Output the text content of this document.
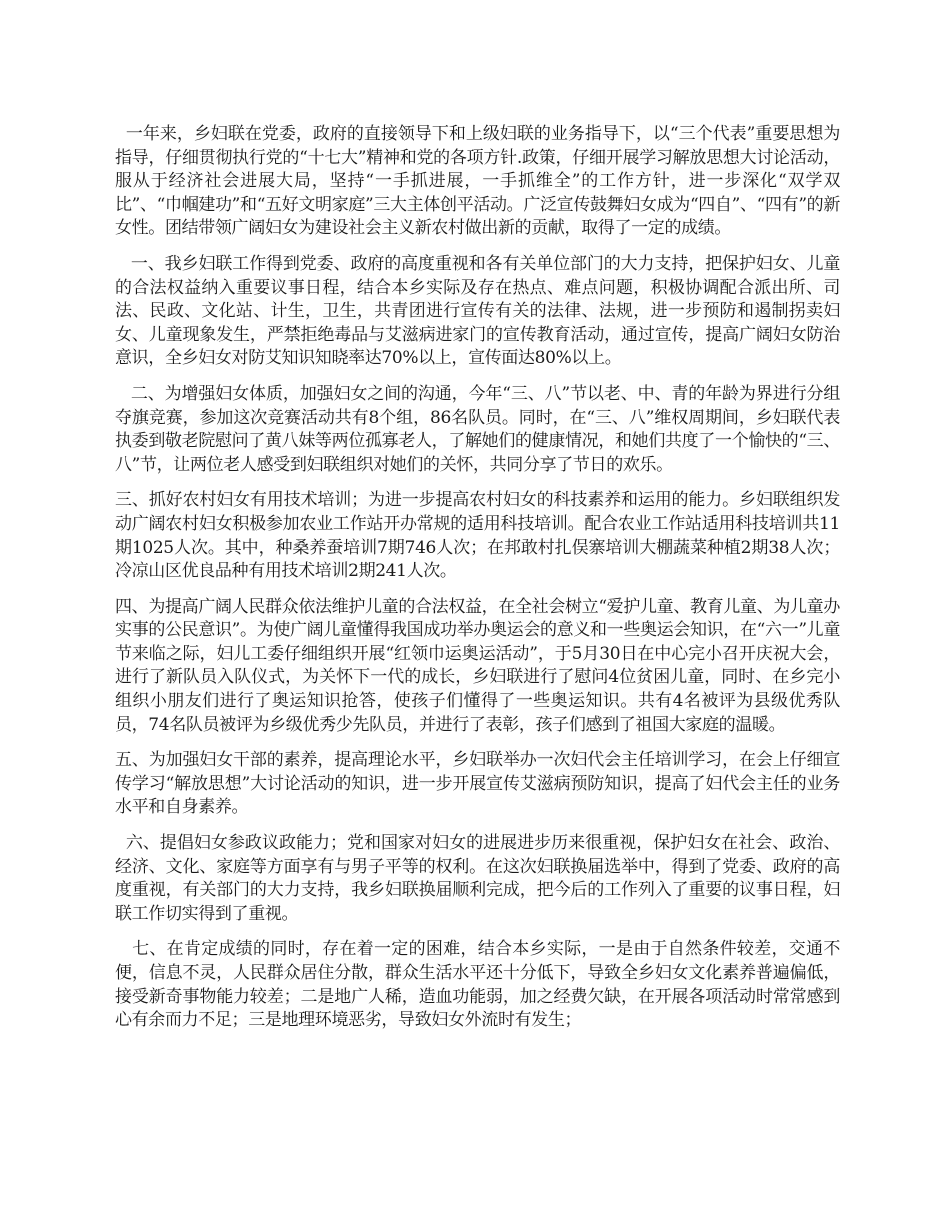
一年来，乡妇联在党委，政府的直接领导下和上级妇联的业务指导下，以“三个代表”重要思想为指导，仔细贯彻执行党的“十七大”精神和党的各项方针.政策，仔细开展学习解放思想大讨论活动，服从于经济社会进展大局，坚持“一手抓进展，一手抓维全”的工作方针，进一步深化“双学双比”、“巾帼建功”和“五好文明家庭”三大主体创平活动。广泛宣传鼓舞妇女成为“四自”、“四有”的新女性。团结带领广阔妇女为建设社会主义新农村做出新的贡献，取得了一定的成绩。

一、我乡妇联工作得到党委、政府的高度重视和各有关单位部门的大力支持，把保护妇女、儿童的合法权益纳入重要议事日程，结合本乡实际及存在热点、难点问题，积极协调配合派出所、司法、民政、文化站、计生，卫生，共青团进行宣传有关的法律、法规，进一步预防和遏制拐卖妇女、儿童现象发生，严禁拒绝毒品与艾滋病进家门的宣传教育活动，通过宣传，提高广阔妇女防治意识，全乡妇女对防艾知识知晓率达70%以上，宣传面达80%以上。

二、为增强妇女体质，加强妇女之间的沟通，今年“三、八”节以老、中、青的年龄为界进行分组夺旗竞赛，参加这次竞赛活动共有8个组，86名队员。同时，在“三、八”维权周期间，乡妇联代表执委到敬老院慰问了黄八妹等两位孤寡老人，了解她们的健康情况，和她们共度了一个愉快的“三、八”节，让两位老人感受到妇联组织对她们的关怀，共同分享了节日的欢乐。

三、抓好农村妇女有用技术培训；为进一步提高农村妇女的科技素养和运用的能力。乡妇联组织发动广阔农村妇女积极参加农业工作站开办常规的适用科技培训。配合农业工作站适用科技培训共11期1025人次。其中，种桑养蚕培训7期746人次；在邦敢村扎俣寨培训大棚蔬菜种植2期38人次；冷凉山区优良品种有用技术培训2期241人次。

四、为提高广阔人民群众依法维护儿童的合法权益，在全社会树立“爱护儿童、教育儿童、为儿童办实事的公民意识”。为使广阔儿童懂得我国成功举办奥运会的意义和一些奥运会知识，在“六一”儿童节来临之际，妇儿工委仔细组织开展“红领巾运奥运活动”，于5月30日在中心完小召开庆祝大会，进行了新队员入队仪式，为关怀下一代的成长，乡妇联进行了慰问4位贫困儿童，同时、在乡完小组织小朋友们进行了奥运知识抢答，使孩子们懂得了一些奥运知识。共有4名被评为县级优秀队员，74名队员被评为乡级优秀少先队员，并进行了表彰，孩子们感到了祖国大家庭的温暖。

五、为加强妇女干部的素养，提高理论水平，乡妇联举办一次妇代会主任培训学习，在会上仔细宣传学习“解放思想”大讨论活动的知识，进一步开展宣传艾滋病预防知识，提高了妇代会主任的业务水平和自身素养。

六、提倡妇女参政议政能力；党和国家对妇女的进展进步历来很重视，保护妇女在社会、政治、经济、文化、家庭等方面享有与男子平等的权利。在这次妇联换届选举中，得到了党委、政府的高度重视，有关部门的大力支持，我乡妇联换届顺利完成，把今后的工作列入了重要的议事日程，妇联工作切实得到了重视。

七、在肯定成绩的同时，存在着一定的困难，结合本乡实际，一是由于自然条件较差，交通不便，信息不灵，人民群众居住分散，群众生活水平还十分低下，导致全乡妇女文化素养普遍偏低，接受新奇事物能力较差；二是地广人稀，造血功能弱，加之经费欠缺，在开展各项活动时常常感到心有余而力不足；三是地理环境恶劣，导致妇女外流时有发生；
